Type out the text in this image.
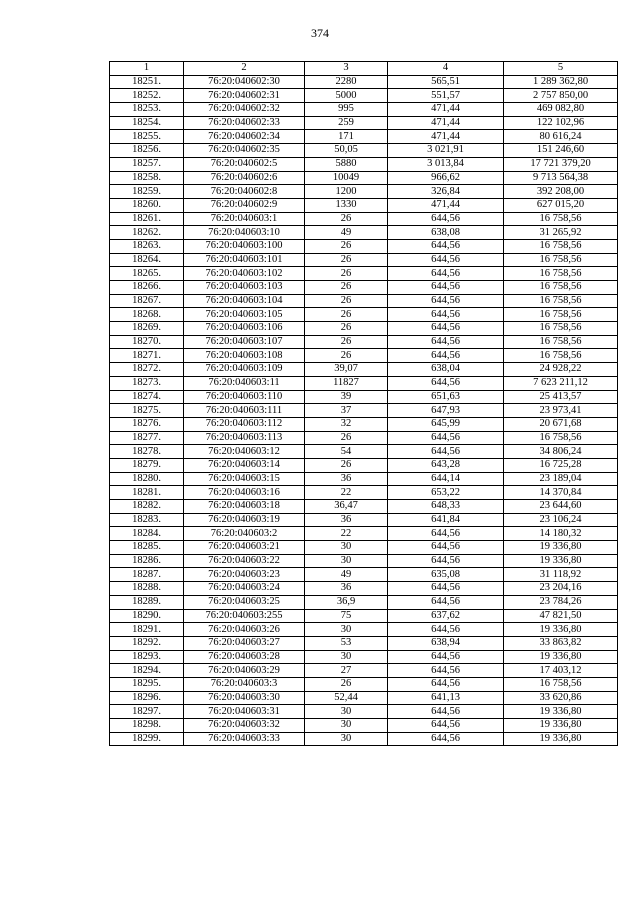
374
1	2	3	4	5
18251.	76:20:040602:30	2280	565,51	1 289 362,80
18252.	76:20:040602:31	5000	551,57	2 757 850,00
18253.	76:20:040602:32	995	471,44	469 082,80
18254.	76:20:040602:33	259	471,44	122 102,96
18255.	76:20:040602:34	171	471,44	80 616,24
18256.	76:20:040602:35	50,05	3 021,91	151 246,60
18257.	76:20:040602:5	5880	3 013,84	17 721 379,20
18258.	76:20:040602:6	10049	966,62	9 713 564,38
18259.	76:20:040602:8	1200	326,84	392 208,00
18260.	76:20:040602:9	1330	471,44	627 015,20
18261.	76:20:040603:1	26	644,56	16 758,56
18262.	76:20:040603:10	49	638,08	31 265,92
18263.	76:20:040603:100	26	644,56	16 758,56
18264.	76:20:040603:101	26	644,56	16 758,56
18265.	76:20:040603:102	26	644,56	16 758,56
18266.	76:20:040603:103	26	644,56	16 758,56
18267.	76:20:040603:104	26	644,56	16 758,56
18268.	76:20:040603:105	26	644,56	16 758,56
18269.	76:20:040603:106	26	644,56	16 758,56
18270.	76:20:040603:107	26	644,56	16 758,56
18271.	76:20:040603:108	26	644,56	16 758,56
18272.	76:20:040603:109	39,07	638,04	24 928,22
18273.	76:20:040603:11	11827	644,56	7 623 211,12
18274.	76:20:040603:110	39	651,63	25 413,57
18275.	76:20:040603:111	37	647,93	23 973,41
18276.	76:20:040603:112	32	645,99	20 671,68
18277.	76:20:040603:113	26	644,56	16 758,56
18278.	76:20:040603:12	54	644,56	34 806,24
18279.	76:20:040603:14	26	643,28	16 725,28
18280.	76:20:040603:15	36	644,14	23 189,04
18281.	76:20:040603:16	22	653,22	14 370,84
18282.	76:20:040603:18	36,47	648,33	23 644,60
18283.	76:20:040603:19	36	641,84	23 106,24
18284.	76:20:040603:2	22	644,56	14 180,32
18285.	76:20:040603:21	30	644,56	19 336,80
18286.	76:20:040603:22	30	644,56	19 336,80
18287.	76:20:040603:23	49	635,08	31 118,92
18288.	76:20:040603:24	36	644,56	23 204,16
18289.	76:20:040603:25	36,9	644,56	23 784,26
18290.	76:20:040603:255	75	637,62	47 821,50
18291.	76:20:040603:26	30	644,56	19 336,80
18292.	76:20:040603:27	53	638,94	33 863,82
18293.	76:20:040603:28	30	644,56	19 336,80
18294.	76:20:040603:29	27	644,56	17 403,12
18295.	76:20:040603:3	26	644,56	16 758,56
18296.	76:20:040603:30	52,44	641,13	33 620,86
18297.	76:20:040603:31	30	644,56	19 336,80
18298.	76:20:040603:32	30	644,56	19 336,80
18299.	76:20:040603:33	30	644,56	19 336,80
